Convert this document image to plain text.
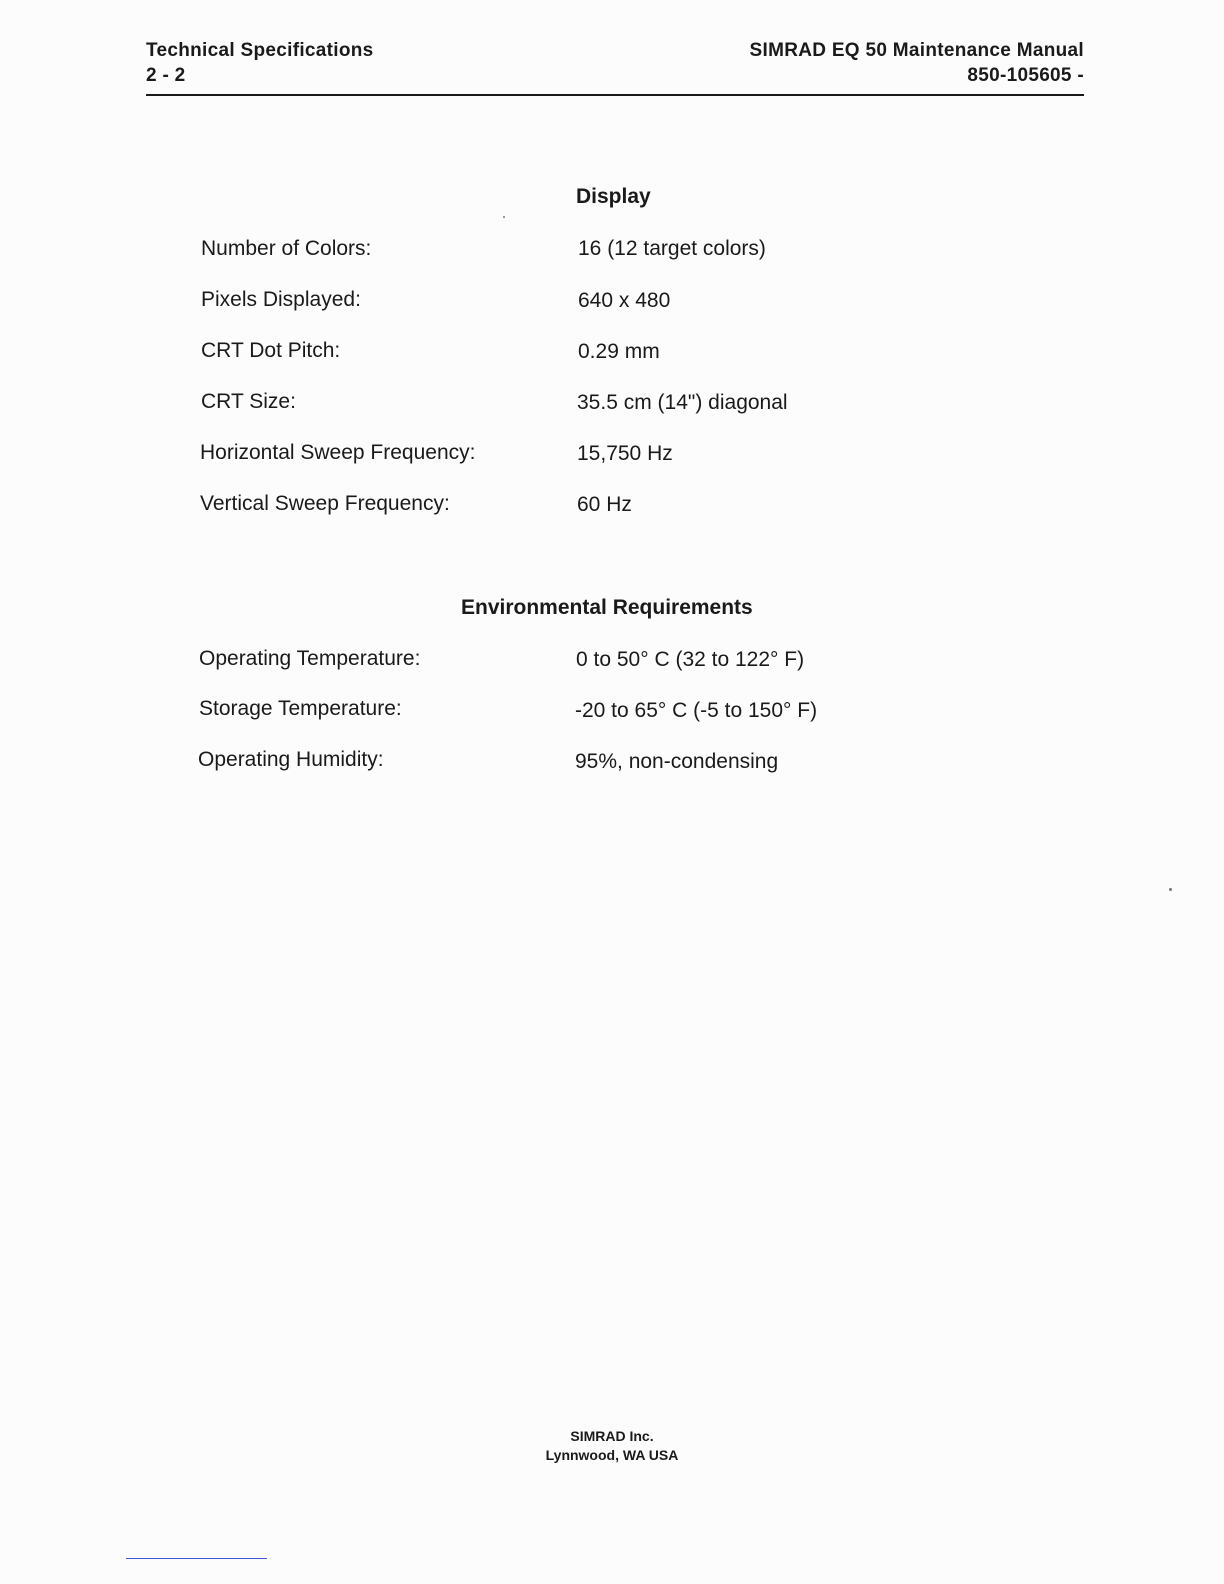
Technical Specifications
2 - 2
SIMRAD EQ 50 Maintenance Manual
850-105605 -
Display
Number of Colors:	16 (12 target colors)
Pixels Displayed:	640 x 480
CRT Dot Pitch:	0.29 mm
CRT Size:	35.5 cm (14") diagonal
Horizontal Sweep Frequency:	15,750 Hz
Vertical Sweep Frequency:	60 Hz
Environmental Requirements
Operating Temperature:	0 to 50° C (32 to 122° F)
Storage Temperature:	-20 to 65° C (-5 to 150° F)
Operating Humidity:	95%, non-condensing
SIMRAD Inc.
Lynnwood, WA USA
